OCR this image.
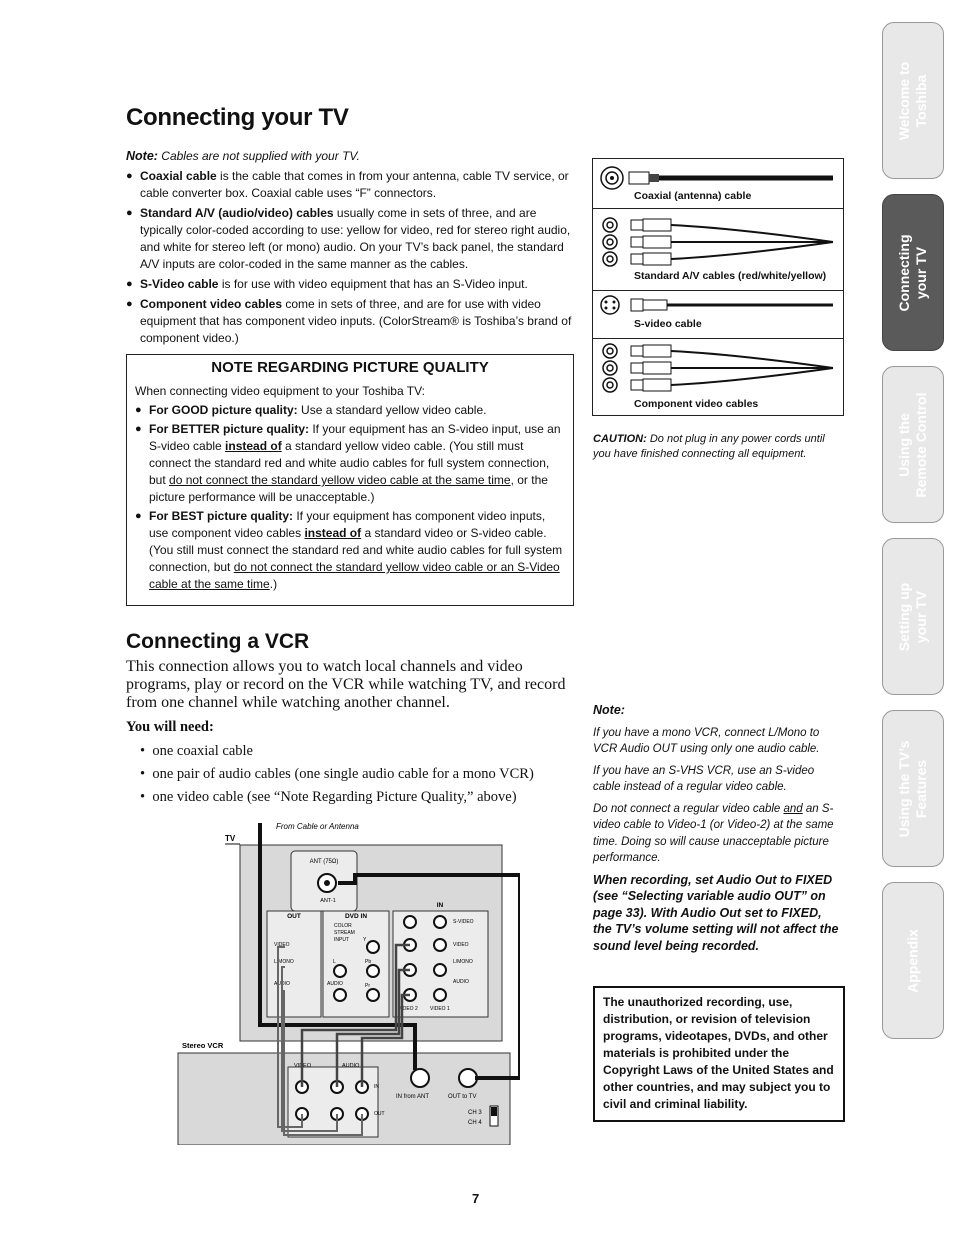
Connecting your TV
Note: Cables are not supplied with your TV.

● Coaxial cable is the cable that comes in from your antenna, cable TV service, or cable converter box. Coaxial cable uses “F” connectors.

● Standard A/V (audio/video) cables usually come in sets of three, and are typically color-coded according to use: yellow for video, red for stereo right audio, and white for stereo left (or mono) audio. On your TV’s back panel, the standard A/V inputs are color-coded in the same manner as the cables.

● S-Video cable is for use with video equipment that has an S-Video input.

● Component video cables come in sets of three, and are for use with video equipment that has component video inputs. (ColorStream® is Toshiba’s brand of component video.)

NOTE REGARDING PICTURE QUALITY
When connecting video equipment to your Toshiba TV:
● For GOOD picture quality: Use a standard yellow video cable.
● For BETTER picture quality: If your equipment has an S-video input, use an S-video cable instead of a standard yellow video cable. (You still must connect the standard red and white audio cables for full system connection, but do not connect the standard yellow video cable at the same time, or the picture performance will be unacceptable.)
● For BEST picture quality: If your equipment has component video inputs, use component video cables instead of a standard video or S-video cable. (You still must connect the standard red and white audio cables for full system connection, but do not connect the standard yellow video cable or an S-Video cable at the same time.)
Connecting a VCR
This connection allows you to watch local channels and video programs, play or record on the VCR while watching TV, and record from one channel while watching another channel.
You will need:
•  one coaxial cable
•  one pair of audio cables (one single audio cable for a mono VCR)
•  one video cable (see “Note Regarding Picture Quality,” above)
Coaxial (antenna) cable
Standard A/V cables (red/white/yellow)
S-video cable
Component video cables
CAUTION: Do not plug in any power cords until you have finished connecting all equipment.

Note:

If you have a mono VCR, connect L/Mono to VCR Audio OUT using only one audio cable.

If you have an S-VHS VCR, use an S-video cable instead of a regular video cable.

Do not connect a regular video cable and an S-video cable to Video-1 (or Video-2) at the same time. Doing so will cause unacceptable picture performance.

When recording, set Audio Out to FIXED (see “Selecting variable audio OUT” on page 33). With Audio Out set to FIXED, the TV’s volume setting will not affect the sound level being recorded.

The unauthorized recording, use, distribution, or revision of television programs, videotapes, DVDs, and other materials is prohibited under the Copyright Laws of the United States and other countries, and may subject you to civil and criminal liability.
From Cable or Antenna
TV
ANT (75Ω)
ANT-1
OUT
VIDEO
L/MONO
AUDIO
DVD IN
COLOR
STREAM
INPUT	Y
Pb
Pr
L
AUDIO
IN
S-VIDEO
VIDEO
L/MONO
AUDIO
VIDEO 2 VIDEO 1
Stereo VCR
VIDEO	AUDIO
IN
OUT
IN from ANT	OUT to TV
CH 3
CH 4
Welcome to
Toshiba
Connecting
your TV
Using the
Remote Control
Setting up
your TV
Using the TV’s
Features
Appendix
7
